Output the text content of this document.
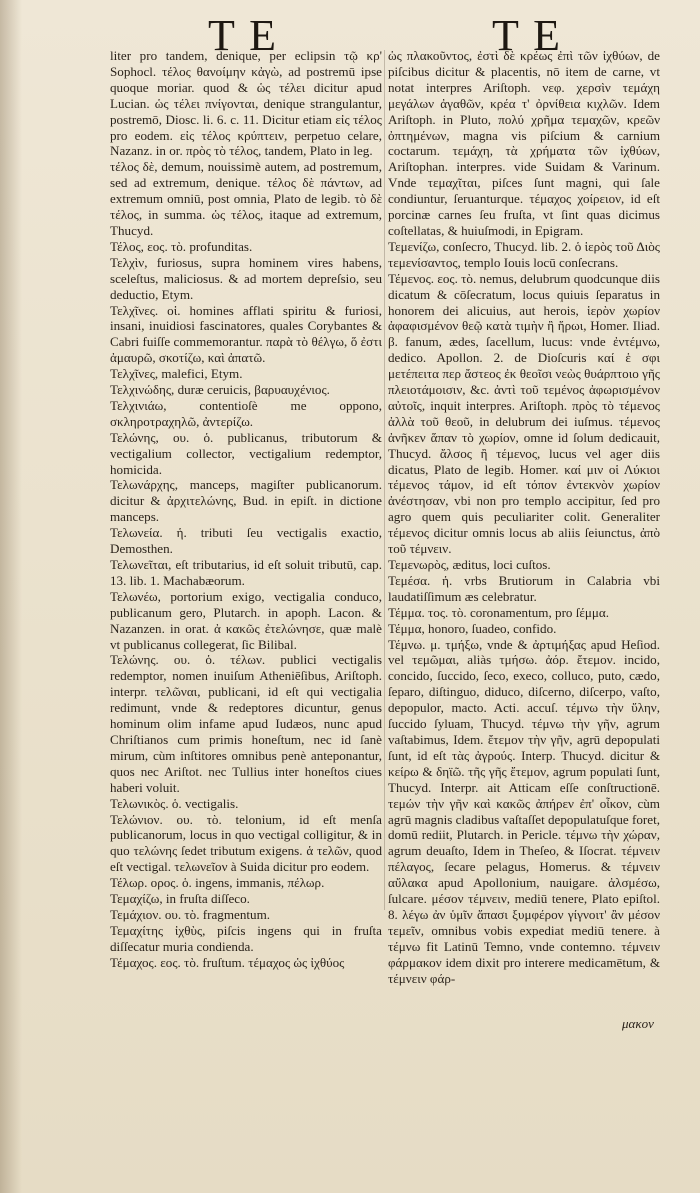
T E	T E

liter pro tandem, denique, per eclipsin τῷ κρ' Sophocl. τέλος θανοίμην κἀγὼ, ad postremū ipse quoque moriar. quod & ὡς τέλει dicitur apud Lucian. ὡς τέλει πνίγονται, denique strangulantur, postremō, Diosc. li. 6. c. 11. Dicitur etiam εἰς τέλος pro eodem. εἰς τέλος κρύπτειν, perpetuo celare, Nazanz. in or. πρὸς τὸ τέλος, tandem, Plato in leg.

τέλος δὲ, demum, nouissimè autem, ad postremum, sed ad extremum, denique. τέλος δὲ πάντων, ad extremum omniū, post omnia, Plato de legib. τὸ δὲ τέλος, in summa. ὡς τέλος, itaque ad extremum, Thucyd.

Τέλος, εος. τὸ. profunditas.

Τελχὶν, furiosus, supra hominem vires habens, sceleſtus, maliciosus. & ad mortem depreſsio, seu deductio, Etym.

Τελχῖνες. οἱ. homines afflati spiritu & furiosi, insani, inuidiosi fascinatores, quales Corybantes & Cabri fuiſſe commemorantur. παρὰ τὸ θέλγω, ὅ ἐστι ἀμαυρῶ, σκοτίζω, καὶ ἀπατῶ.

Τελχῖνες, malefici, Etym.

Τελχινώδης, duræ ceruicis, βαρυαυχένιος.

Τελχινιάω, contentioſè me oppono, σκληροτραχηλῶ, ἀντερίζω.

Τελώνης, ου. ὁ. publicanus, tributorum & vectigalium collector, vectigalium redemptor, homicida.

Τελωνάρχης, manceps, magiſter publicanorum. dicitur & ἀρχιτελώνης, Bud. in epiſt. in dictione manceps.

Τελωνεία. ἡ. tributi ſeu vectigalis exactio, Demosthen.

Τελωνεῖται, eſt tributarius, id eſt soluit tributū, cap. 13. lib. 1. Machabæorum.

Τελωνέω, portorium exigo, vectigalia conduco, publicanum gero, Plutarch. in apoph. Lacon. & Nazanzen. in orat. ἀ κακῶς ἐτελώνησε, quæ malè vt publicanus collegerat, ſic Bilibal.

Τελώνης. ου. ὁ. τέλων. publici vectigalis redemptor, nomen inuiſum Atheniēſibus, Ariſtoph. interpr. τελῶναι, publicani, id eſt qui vectigalia redimunt, vnde & redeptores dicuntur, genus hominum olim infame apud Iudæos, nunc apud Chriſtianos cum primis honeſtum, nec id ſanè mirum, cùm inſtitores omnibus penè anteponantur, quos nec Ariſtot. nec Tullius inter honeſtos ciues haberi voluit.

Τελωνικὸς. ὁ. vectigalis.

Τελώνιον. ου. τὸ. telonium, id eſt menſa publicanorum, locus in quo vectigal colligitur, & in quo τελώνης ſedet tributum exigens. ἁ τελῶν, quod eſt vectigal. τελωνεῖον à Suida dicitur pro eodem.

Τέλωρ. ορος. ὁ. ingens, immanis, πέλωρ.

Τεμαχίζω, in fruſta diſſeco.

Τεμάχιον. ου. τὸ. fragmentum.

Τεμαχίτης ἰχθὺς, piſcis ingens qui in fruſta diſſecatur muria condienda.

Τέμαχος. εος. τὸ. fruſtum. τέμαχος ὡς ἰχθύος

ὡς πλακοῦντος, ἐστὶ δὲ κρέως ἐπὶ τῶν ἰχθύων, de piſcibus dicitur & placentis, nō item de carne, vt notat interpres Ariſtoph. νεφ. χερσὶν τεμάχη μεγάλων ἀγαθῶν, κρέα τ' ὀρνίθεια κιχλῶν. Idem Ariſtoph. in Pluto, πολύ χρῆμα τεμαχῶν, κρεῶν ὀπτημένων, magna vis piſcium & carnium coctarum. τεμάχη, τὰ χρήματα τῶν ἰχθύων, Ariſtophan. interpres. vide Suidam & Varinum. Vnde τεμαχῖται, piſces ſunt magni, qui ſale condiuntur, ſeruanturque. τέμαχος χοίρειον, id eſt porcinæ carnes ſeu fruſta, vt ſint quas dicimus coſtellatas, & huiuſmodi, in Epigram.

Τεμενίζω, conſecro, Thucyd. lib. 2. ὁ ἱερὸς τοῦ Διὸς τεμενίσαντος, templo Iouis locū conſecrans.

Τέμενος. εος. τὸ. nemus, delubrum quodcunque diis dicatum & cōſecratum, locus quiuis ſeparatus in honorem dei alicuius, aut herois, ἱερὸν χωρίον ἀφαφισμένον θεῷ κατὰ τιμὴν ἢ ἥρωι, Homer. Iliad. β. fanum, ædes, ſacellum, lucus: vnde ἐντέμνω, dedico. Apollon. 2. de Dioſcuris καί ἑ σφι μετέπειτα περ ἄστεος ἐκ θεοῖσι νεὼς θυάρπτοιο γῆς πλειοτάμοισιν, &c. ἀντὶ τοῦ τεμένος ἀφωρισμένον αὐτοῖς, inquit interpres. Ariſtoph. πρὸς τὸ τέμενος ἀλλὰ τοῦ θεοῦ, in delubrum dei iuſmus. τέμενος ἀνῆκεν ἅπαν τὸ χωρίον, omne id ſolum dedicauit, Thucyd. ἄλσος ἢ τέμενος, lucus vel ager diis dicatus, Plato de legib. Homer. καί μιν οἱ Λύκιοι τέμενος τάμον, id eſt τόπον ἐντεκνὸν χωρίον ἀνέστησαν, vbi non pro templo accipitur, ſed pro agro quem quis peculiariter colit. Generaliter τέμενος dicitur omnis locus ab aliis ſeiunctus, ἀπὸ τοῦ τέμνειν.

Τεμενωρὸς, æditus, loci cuſtos.

Τεμέσα. ἡ. vrbs Brutiorum in Calabria vbi laudatiſſimum æs celebratur.

Τέμμα. τος. τὸ. coronamentum, pro ſέμμα.

Τέμμα, honoro, ſuadeo, confido.

Τέμνω. μ. τμήξω, vnde & ἀρτιμήξας apud Heſiod. vel τεμῶμαι, aliàs τμήσω. ἀόρ. ἔτεμον. incido, concido, ſuccido, ſeco, execo, colluco, puto, cædo, ſeparo, diſtinguo, diduco, diſcerno, diſcerpo, vaſto, depopulor, macto. Acti. accuſ. τέμνω τὴν ὕλην, ſuccido ſyluam, Thucyd. τέμνω τὴν γῆν, agrum vaſtabimus, Idem. ἔτεμον τὴν γῆν, agrū depopulati ſunt, id eſt τὰς ἀγρούς. Interp. Thucyd. dicitur & κείρω & δηϊῶ. τῆς γῆς ἔτεμον, agrum populati ſunt, Thucyd. Interpr. ait Atticam eſſe conſtructionē. τεμών τὴν γῆν καὶ κακῶς ἀπήρεν ἐπ' οἶκον, cùm agrū magnis cladibus vaſtaſſet depopulatuſque foret, domū rediit, Plutarch. in Pericle. τέμνω τὴν χώραν, agrum deuaſto, Idem in Theſeo, & Iſocrat. τέμνειν πέλαγος, ſecare pelagus, Homerus. & τέμνειν αὔλακα apud Apollonium, nauigare. ἀλσμέσω, ſulcare. μέσον τέμνειν, mediū tenere, Plato epiſtol. 8. λέγω ἀν ὑμῖν ἅπασι ξυμφέρον γίγνοιτ' ἂν μέσον τεμεῖν, omnibus vobis expediat mediū tenere. à τέμνω fit Latinū Temno, vnde contemno. τέμνειν φάρμακον idem dixit pro interere medicamētum, & τέμνειν φάρ-

μακον
